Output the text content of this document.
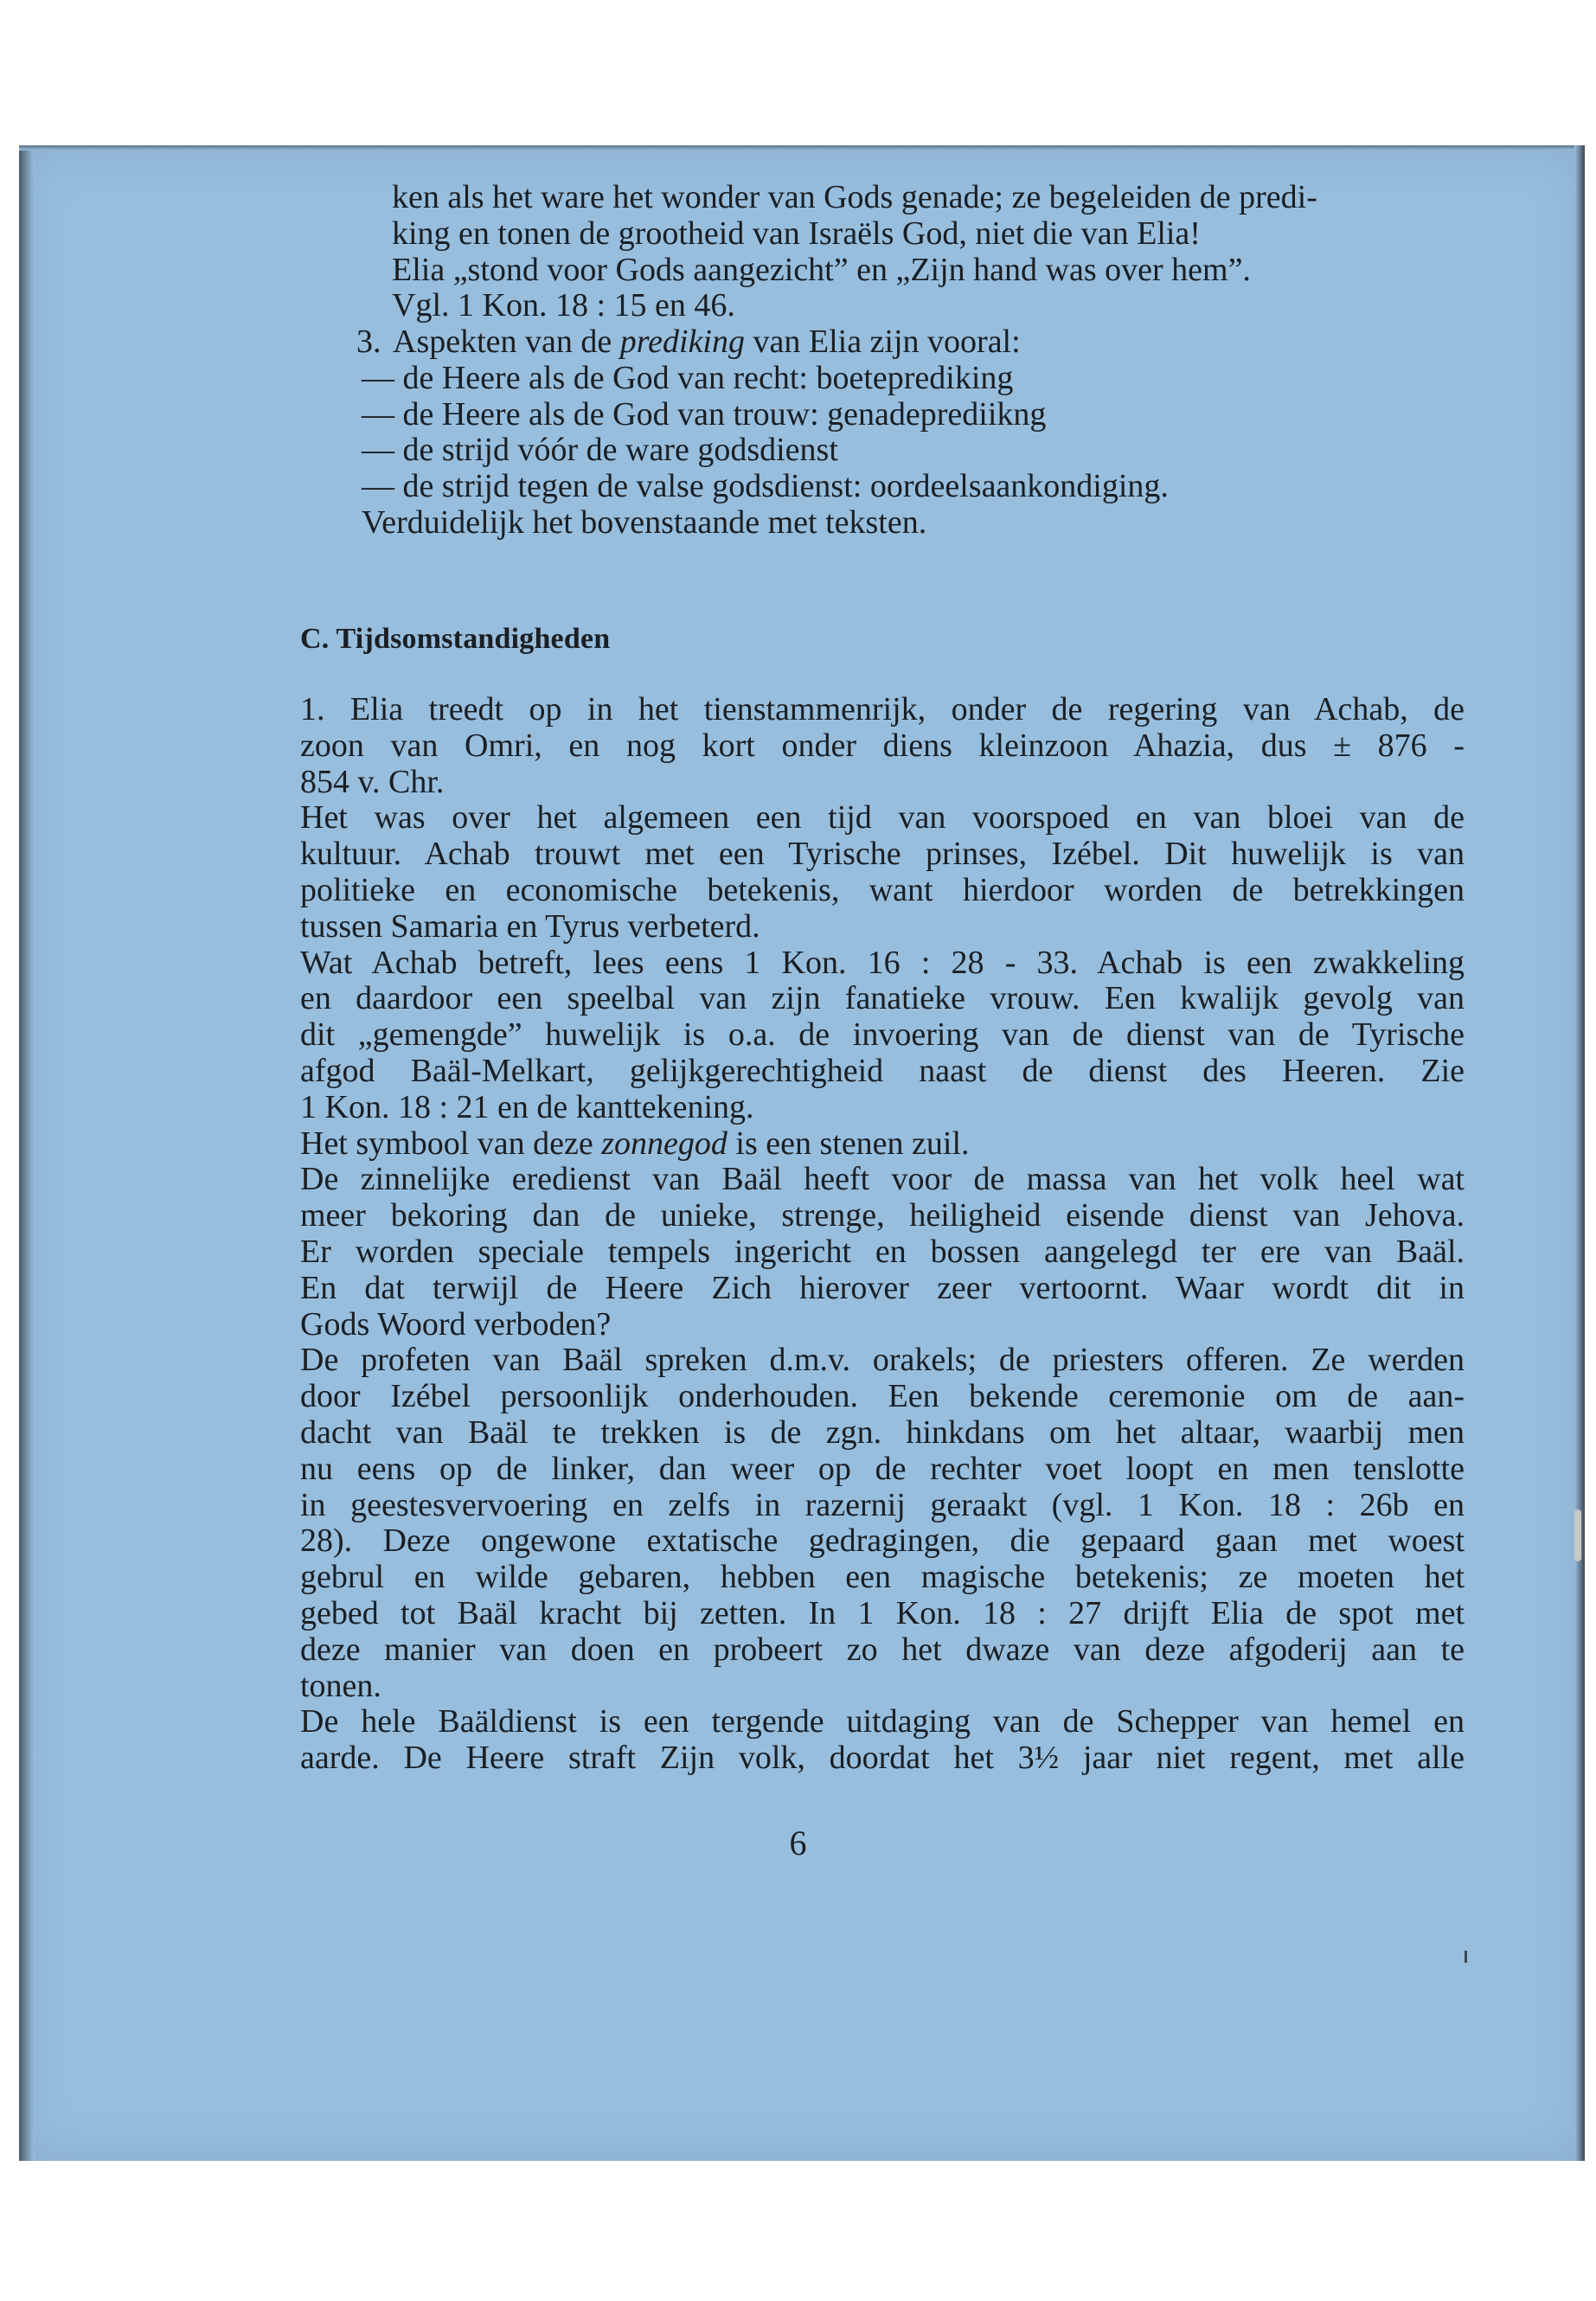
ken als het ware het wonder van Gods genade; ze begeleiden de predi-
king en tonen de grootheid van Israëls God, niet die van Elia!
Elia „stond voor Gods aangezicht” en „Zijn hand was over hem”.
Vgl. 1 Kon. 18 : 15 en 46.
3. Aspekten van de prediking van Elia zijn vooral:
— de Heere als de God van recht: boeteprediking
— de Heere als de God van trouw: genadeprediikng
— de strijd vóór de ware godsdienst
— de strijd tegen de valse godsdienst: oordeelsaankondiging.
Verduidelijk het bovenstaande met teksten.
C. Tijdsomstandigheden
1. Elia treedt op in het tienstammenrijk, onder de regering van Achab, de
zoon van Omri, en nog kort onder diens kleinzoon Ahazia, dus ± 876 -
854 v. Chr.
Het was over het algemeen een tijd van voorspoed en van bloei van de
kultuur. Achab trouwt met een Tyrische prinses, Izébel. Dit huwelijk is van
politieke en economische betekenis, want hierdoor worden de betrekkingen
tussen Samaria en Tyrus verbeterd.
Wat Achab betreft, lees eens 1 Kon. 16 : 28 - 33. Achab is een zwakkeling
en daardoor een speelbal van zijn fanatieke vrouw. Een kwalijk gevolg van
dit „gemengde” huwelijk is o.a. de invoering van de dienst van de Tyrische
afgod Baäl-Melkart, gelijkgerechtigheid naast de dienst des Heeren. Zie
1 Kon. 18 : 21 en de kanttekening.
Het symbool van deze zonnegod is een stenen zuil.
De zinnelijke eredienst van Baäl heeft voor de massa van het volk heel wat
meer bekoring dan de unieke, strenge, heiligheid eisende dienst van Jehova.
Er worden speciale tempels ingericht en bossen aangelegd ter ere van Baäl.
En dat terwijl de Heere Zich hierover zeer vertoornt. Waar wordt dit in
Gods Woord verboden?
De profeten van Baäl spreken d.m.v. orakels; de priesters offeren. Ze werden
door Izébel persoonlijk onderhouden. Een bekende ceremonie om de aan-
dacht van Baäl te trekken is de zgn. hinkdans om het altaar, waarbij men
nu eens op de linker, dan weer op de rechter voet loopt en men tenslotte
in geestesvervoering en zelfs in razernij geraakt (vgl. 1 Kon. 18 : 26b en
28). Deze ongewone extatische gedragingen, die gepaard gaan met woest
gebrul en wilde gebaren, hebben een magische betekenis; ze moeten het
gebed tot Baäl kracht bij zetten. In 1 Kon. 18 : 27 drijft Elia de spot met
deze manier van doen en probeert zo het dwaze van deze afgoderij aan te
tonen.
De hele Baäldienst is een tergende uitdaging van de Schepper van hemel en
aarde. De Heere straft Zijn volk, doordat het 3½ jaar niet regent, met alle
6
